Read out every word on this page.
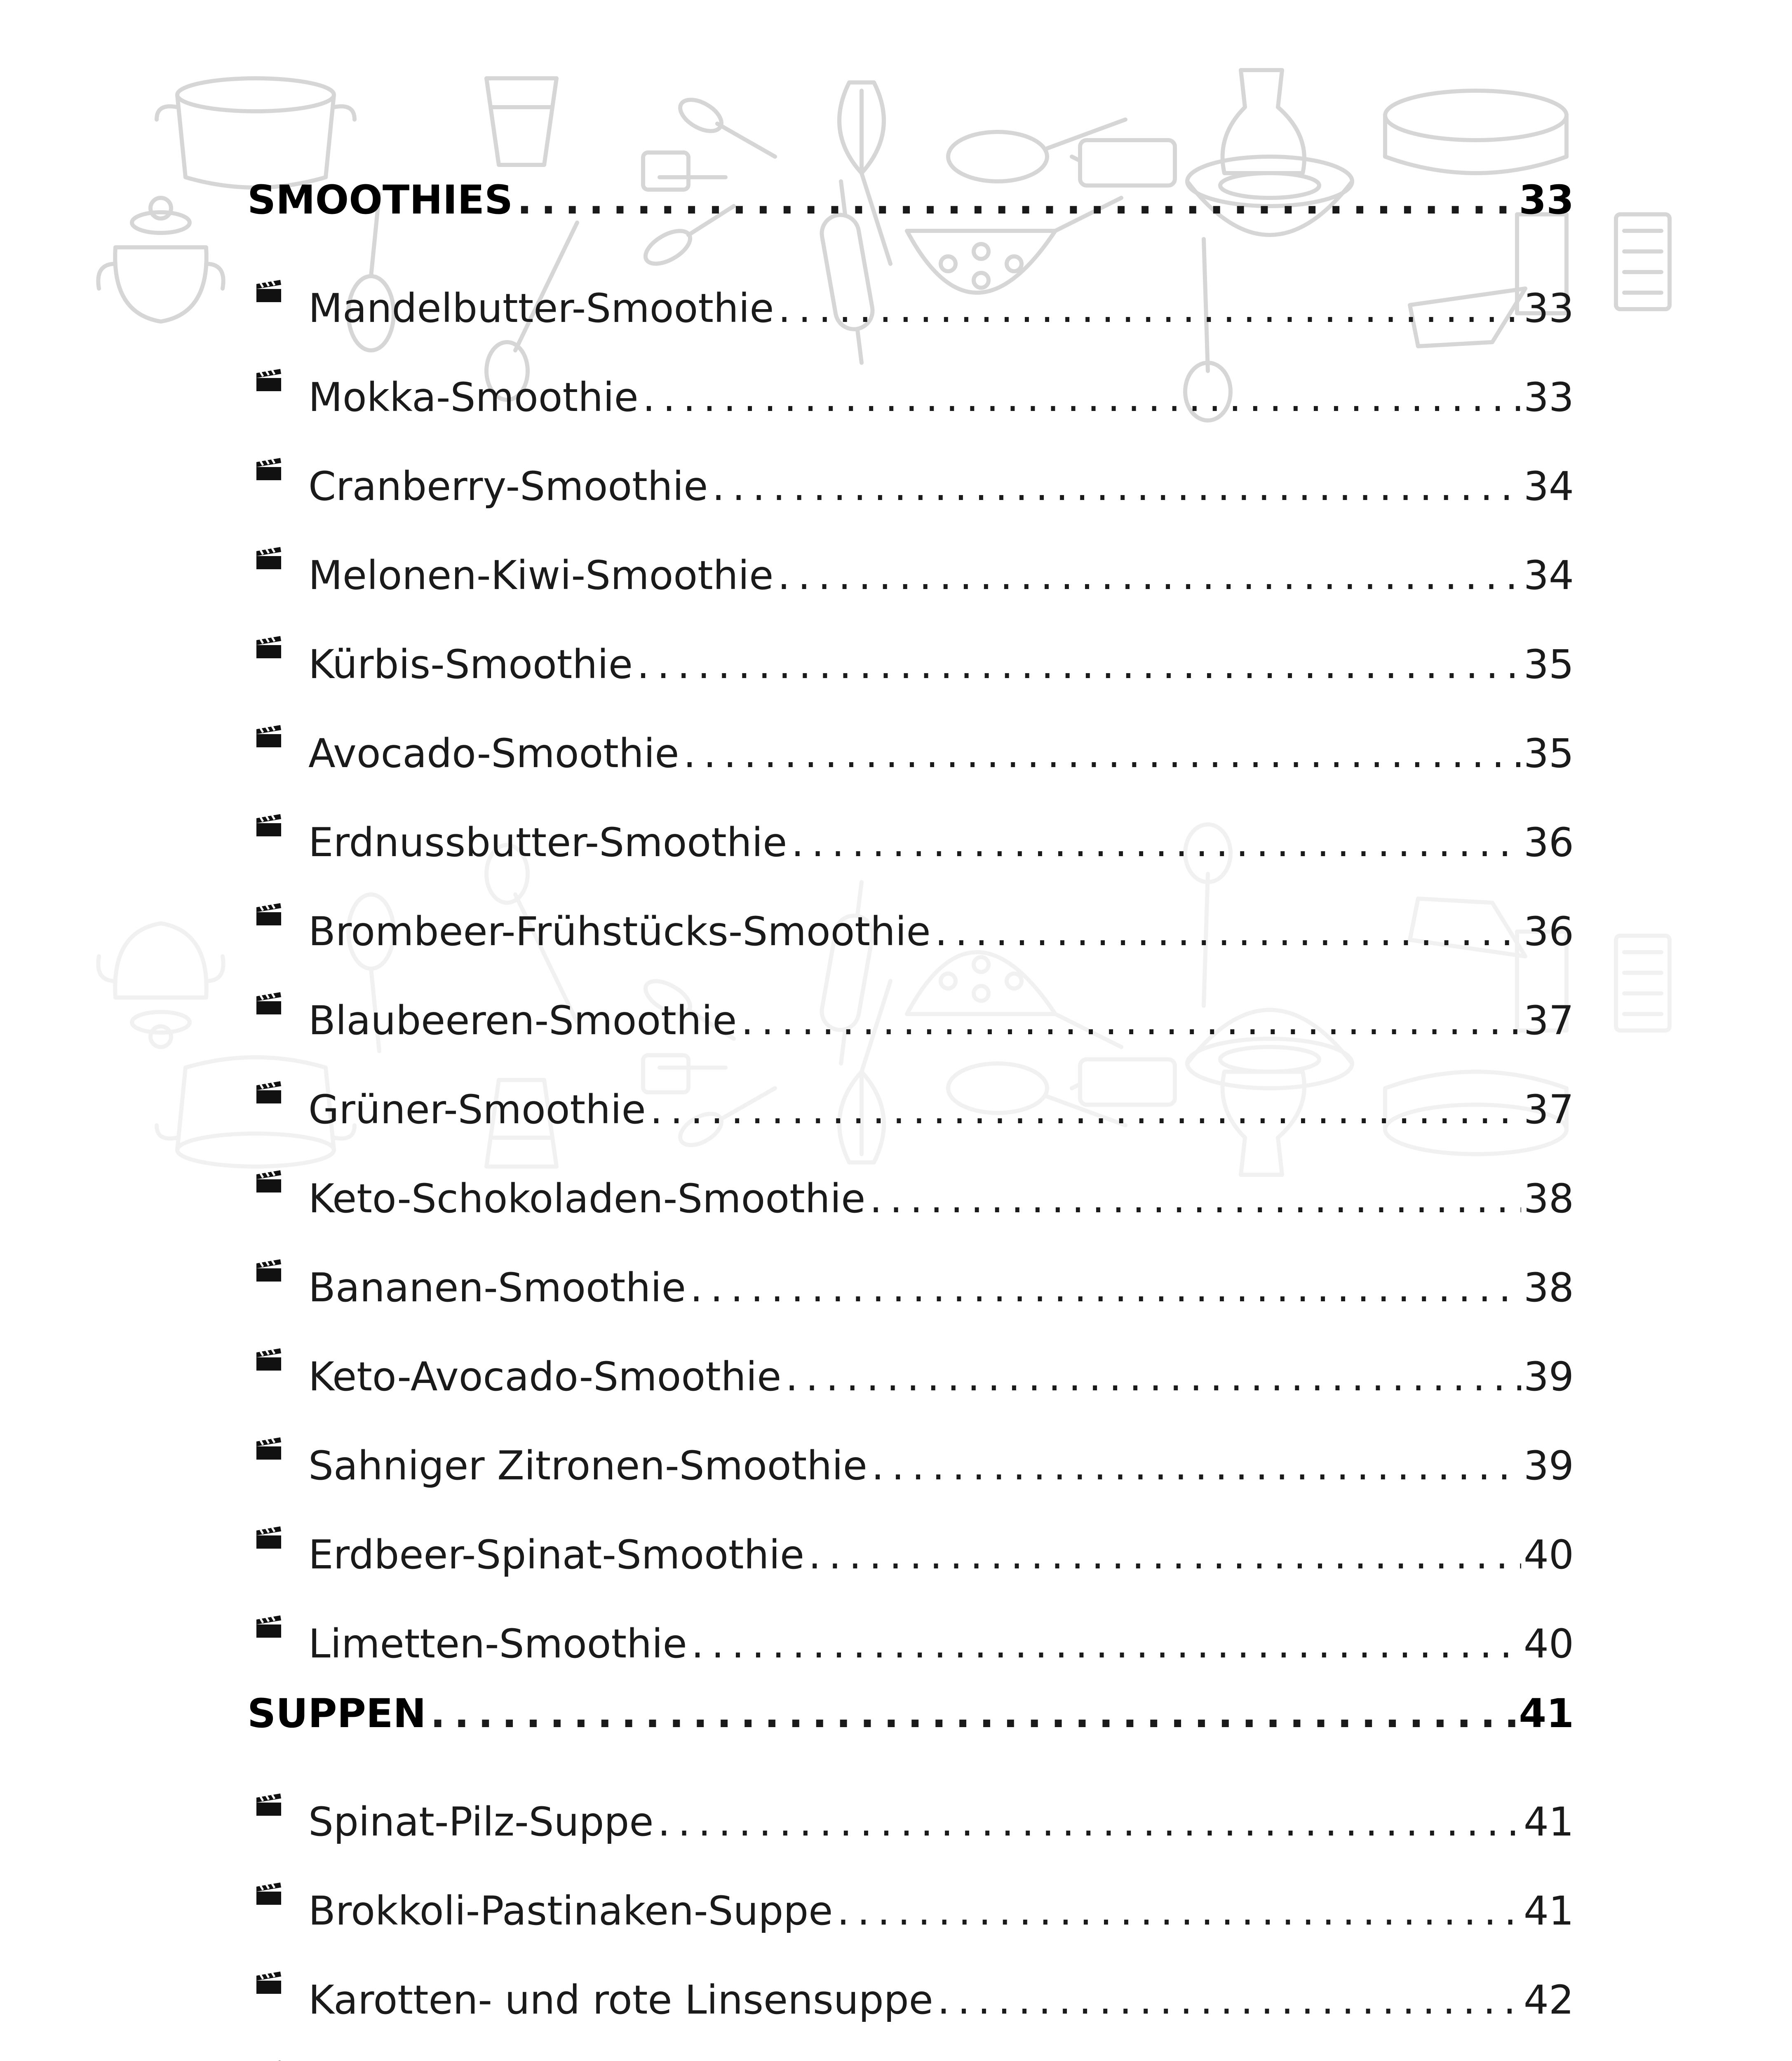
SMOOTHIES . . .	33
Mandelbutter-Smoothie . . .	33
Mokka-Smoothie . . .	33
Cranberry-Smoothie . . .	34
Melonen-Kiwi-Smoothie . . .	34
Kürbis-Smoothie . . .	35
Avocado-Smoothie . . .	35
Erdnussbutter-Smoothie . . .	36
Brombeer-Frühstücks-Smoothie . . .	36
Blaubeeren-Smoothie . . .	37
Grüner-Smoothie . . .	37
Keto-Schokoladen-Smoothie . . .	38
Bananen-Smoothie . . .	38
Keto-Avocado-Smoothie . . .	39
Sahniger Zitronen-Smoothie . . .	39
Erdbeer-Spinat-Smoothie . . .	40
Limetten-Smoothie . . .	40
SUPPEN . . .	41
Spinat-Pilz-Suppe . . .	41
Brokkoli-Pastinaken-Suppe . . .	41
Karotten- und rote Linsensuppe . . .	42
. . .
